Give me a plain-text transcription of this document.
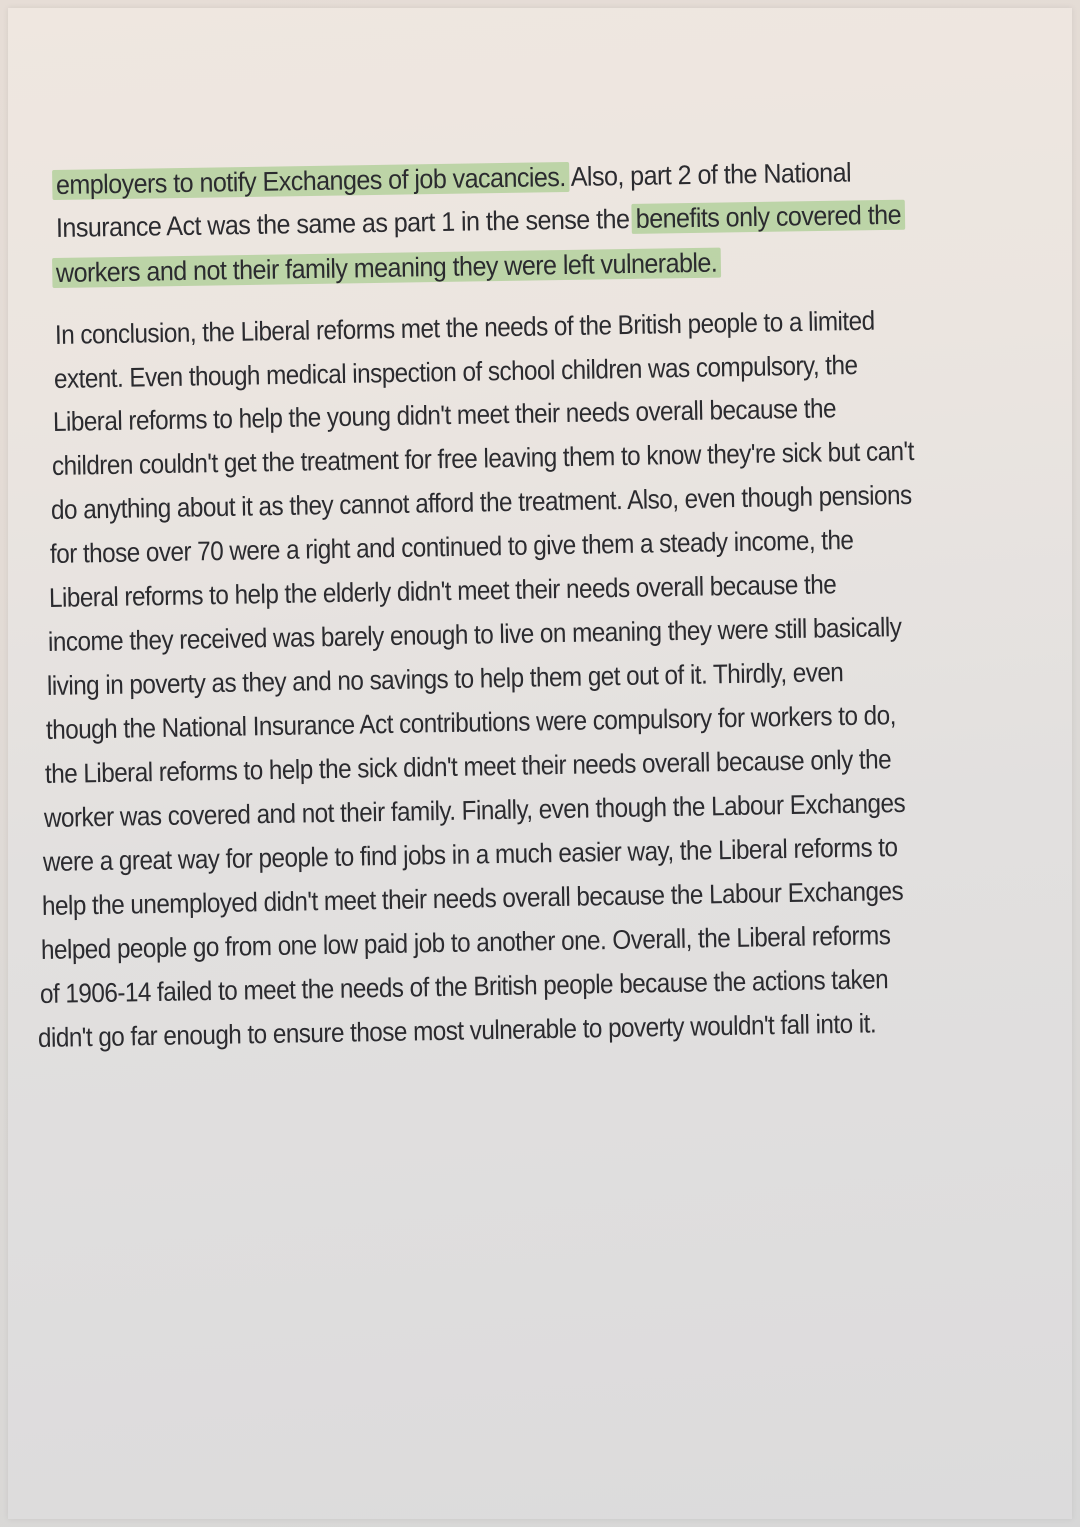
employers to notify Exchanges of job vacancies. Also, part 2 of the National
Insurance Act was the same as part 1 in the sense the benefits only covered the
workers and not their family meaning they were left vulnerable.
In conclusion, the Liberal reforms met the needs of the British people to a limited
extent. Even though medical inspection of school children was compulsory, the
Liberal reforms to help the young didn't meet their needs overall because the
children couldn't get the treatment for free leaving them to know they're sick but can't
do anything about it as they cannot afford the treatment. Also, even though pensions
for those over 70 were a right and continued to give them a steady income, the
Liberal reforms to help the elderly didn't meet their needs overall because the
income they received was barely enough to live on meaning they were still basically
living in poverty as they and no savings to help them get out of it. Thirdly, even
though the National Insurance Act contributions were compulsory for workers to do,
the Liberal reforms to help the sick didn't meet their needs overall because only the
worker was covered and not their family. Finally, even though the Labour Exchanges
were a great way for people to find jobs in a much easier way, the Liberal reforms to
help the unemployed didn't meet their needs overall because the Labour Exchanges
helped people go from one low paid job to another one. Overall, the Liberal reforms
of 1906-14 failed to meet the needs of the British people because the actions taken
didn't go far enough to ensure those most vulnerable to poverty wouldn't fall into it.
